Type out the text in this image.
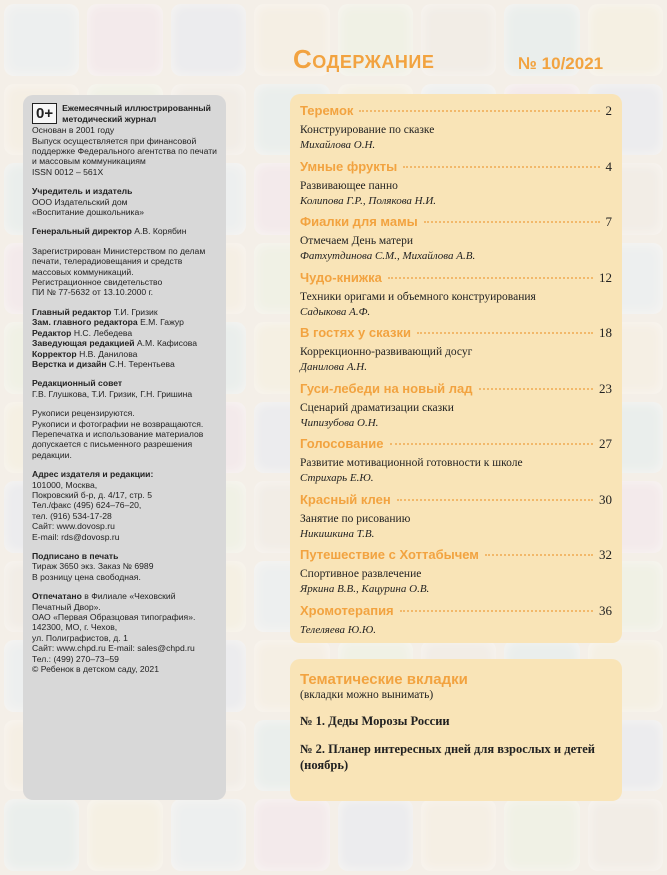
0+	Ежемесячный иллюстрированный методический журнал

Основан в 2001 году
Выпуск осуществляется при финансовой поддержке Федерального агентства по печати и массовым коммуникациям
ISSN 0012 – 561X

Учредитель и издатель
ООО Издательский дом
«Воспитание дошкольника»

Генеральный директор А.В. Корябин

Зарегистрирован Министерством по делам печати, телерадиовещания и средств массовых коммуникаций.
Регистрационное свидетельство
ПИ № 77-5632 от 13.10.2000 г.

Главный редактор Т.И. Гризик
Зам. главного редактора Е.М. Гажур
Редактор Н.С. Лебедева
Заведующая редакцией А.М. Кафисова
Корректор Н.В. Данилова
Верстка и дизайн С.Н. Терентьева

Редакционный совет
Г.В. Глушкова, Т.И. Гризик, Г.Н. Гришина

Рукописи рецензируются.
Рукописи и фотографии не возвращаются.
Перепечатка и использование материалов допускается с письменного разрешения редакции.

Адрес издателя и редакции:
101000, Москва,
Покровский б-р, д. 4/17, стр. 5
Тел./факс (495) 624–76–20,
тел. (916) 534-17-28
Сайт: www.dovosp.ru
E-mail: rds@dovosp.ru

Подписано в печать
Тираж 3650 экз. Заказ № 6989
В розницу цена свободная.

Отпечатано в Филиале «Чеховский Печатный Двор».
ОАО «Первая Образцовая типография».
142300, МО, г. Чехов,
ул. Полиграфистов, д. 1
Сайт: www.chpd.ru E-mail: sales@chpd.ru
Тел.: (499) 270–73–59
© Ребенок в детском саду, 2021

Содержание	№ 10/2021
Теремок	2
Конструирование по сказке
Михайлова О.Н.
Умные фрукты	4
Развивающее панно
Колипова Г.Р., Полякова Н.И.
Фиалки для мамы	7
Отмечаем День матери
Фатхутдинова С.М., Михайлова А.В.
Чудо-книжка	12
Техники оригами и объемного конструирования
Садыкова А.Ф.
В гостях у сказки	18
Коррекционно-развивающий досуг
Данилова А.Н.
Гуси-лебеди на новый лад	23
Сценарий драматизации сказки
Чипизубова О.Н.
Голосование	27
Развитие мотивационной готовности к школе
Стрихарь Е.Ю.
Красный клен	30
Занятие по рисованию
Никишкина Т.В.
Путешествие с Хоттабычем	32
Спортивное развлечение
Яркина В.В., Кацурина О.В.
Хромотерапия	36
Телеляева Ю.Ю.
Тематические вкладки
(вкладки можно вынимать)
№ 1. Деды Морозы России
№ 2. Планер интересных дней для взрослых и детей (ноябрь)
